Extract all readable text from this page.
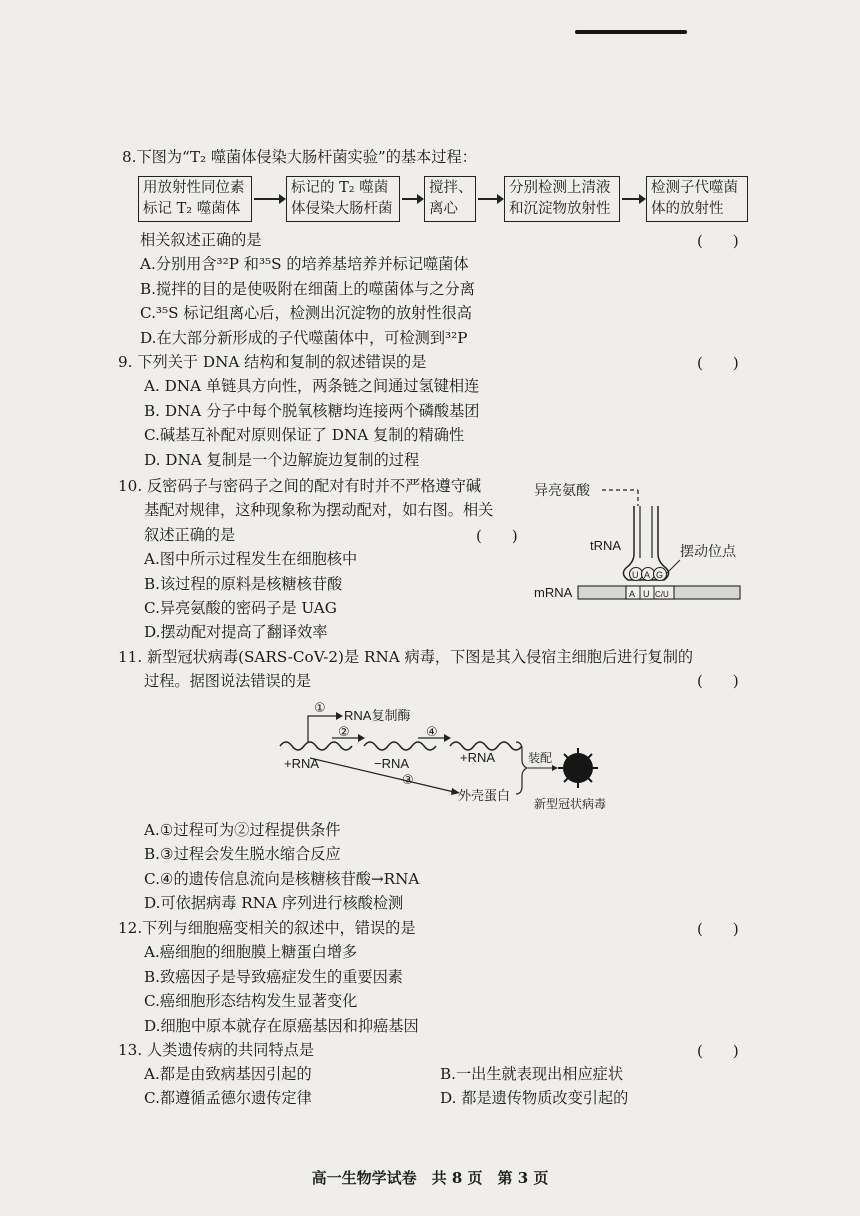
8.下图为“T₂ 噬菌体侵染大肠杆菌实验”的基本过程：
用放射性同位素
标记 T₂ 噬菌体
标记的 T₂ 噬菌
体侵染大肠杆菌
搅拌、
离心
分别检测上清液
和沉淀物放射性
检测子代噬菌
体的放射性
相关叙述正确的是
A.分别用含³²P 和³⁵S 的培养基培养并标记噬菌体
B.搅拌的目的是使吸附在细菌上的噬菌体与之分离
C.³⁵S 标记组离心后，检测出沉淀物的放射性很高
D.在大部分新形成的子代噬菌体中，可检测到³²P
(　　)
9. 下列关于 DNA 结构和复制的叙述错误的是
A. DNA 单链具方向性，两条链之间通过氢键相连
B. DNA 分子中每个脱氧核糖均连接两个磷酸基团
C.碱基互补配对原则保证了 DNA 复制的精确性
D. DNA 复制是一个边解旋边复制的过程
(　　)
10. 反密码子与密码子之间的配对有时并不严格遵守碱
基配对规律，这种现象称为摆动配对，如右图。相关
叙述正确的是
A.图中所示过程发生在细胞核中
B.该过程的原料是核糖核苷酸
C.异亮氨酸的密码子是 UAG
D.摆动配对提高了翻译效率
(　　)
异亮氨酸
tRNA	摆动位点
U A G
A U C/U
mRNA
11. 新型冠状病毒(SARS-CoV-2)是 RNA 病毒，下图是其入侵宿主细胞后进行复制的
过程。据图说法错误的是	(　　)
①
RNA复制酶
②	④
③
+RNA	−RNA	+RNA
外壳蛋白
装配
新型冠状病毒
A.①过程可为②过程提供条件
B.③过程会发生脱水缩合反应
C.④的遗传信息流向是核糖核苷酸→RNA
D.可依据病毒 RNA 序列进行核酸检测
12.下列与细胞癌变相关的叙述中，错误的是
A.癌细胞的细胞膜上糖蛋白增多
B.致癌因子是导致癌症发生的重要因素
C.癌细胞形态结构发生显著变化
D.细胞中原本就存在原癌基因和抑癌基因
(　　)
13. 人类遗传病的共同特点是	(　　)
A.都是由致病基因引起的	B.一出生就表现出相应症状
C.都遵循孟德尔遗传定律	D. 都是遗传物质改变引起的
高一生物学试卷　共 8 页　第 3 页
